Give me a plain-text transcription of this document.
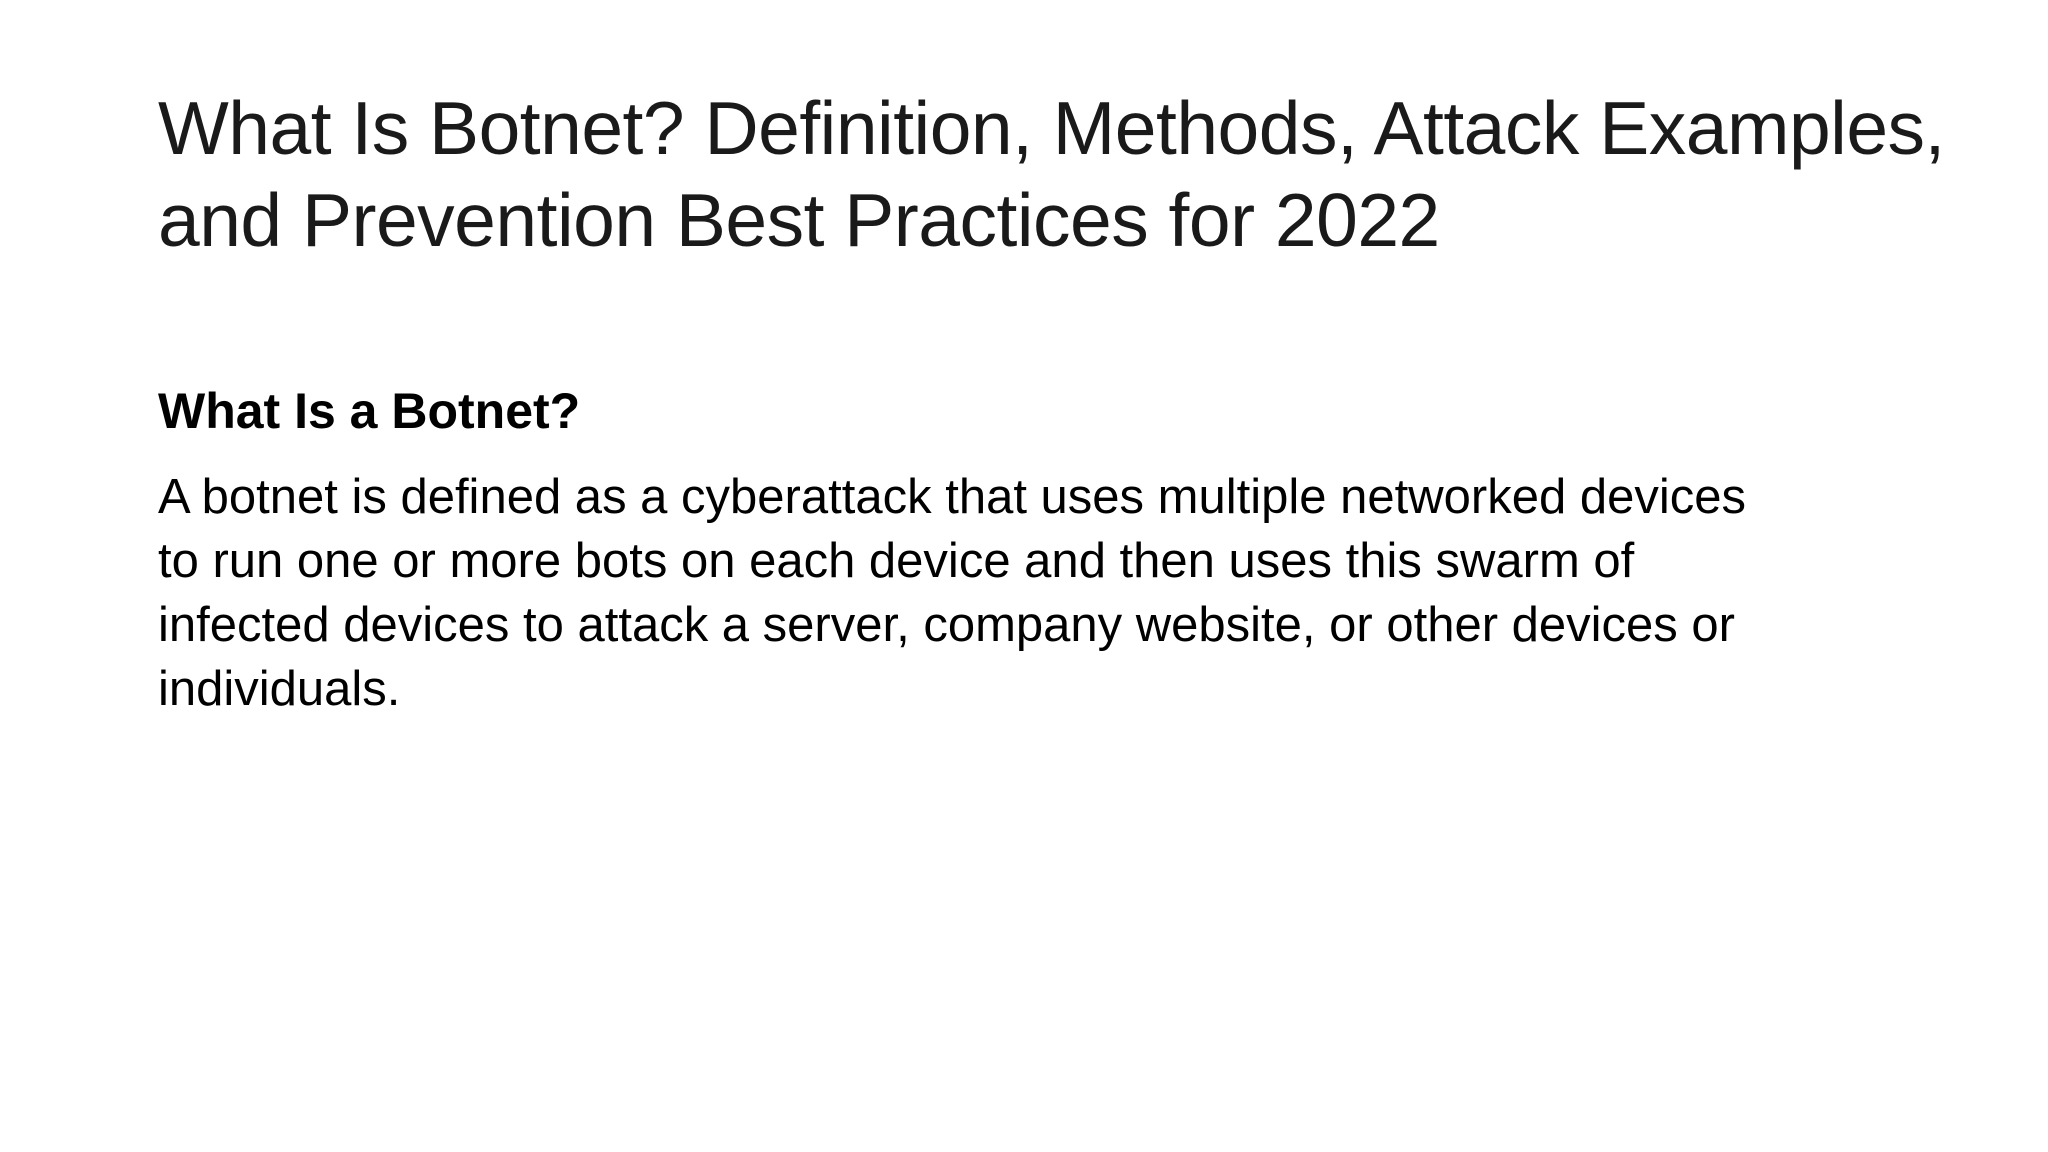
What Is Botnet? Definition, Methods, Attack Examples, and Prevention Best Practices for 2022
What Is a Botnet?

A botnet is defined as a cyberattack that uses multiple networked devices to run one or more bots on each device and then uses this swarm of infected devices to attack a server, company website, or other devices or individuals.
